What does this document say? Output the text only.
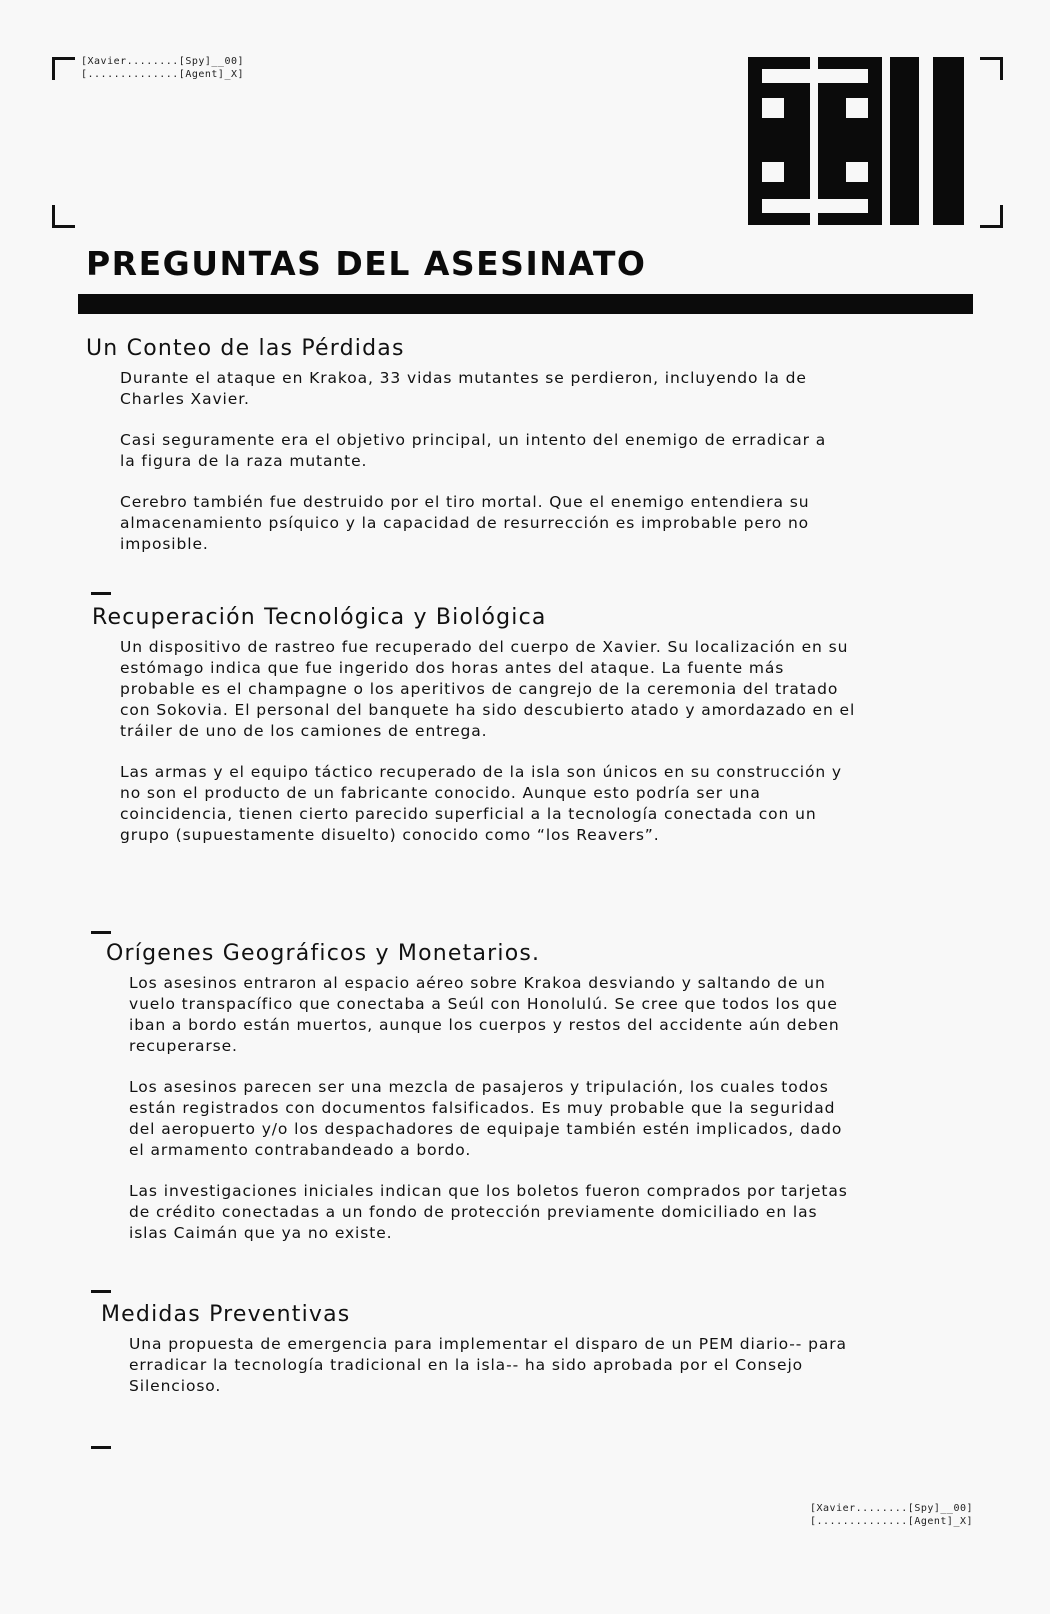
[Xavier........[Spy]__00]
[..............[Agent]_X]
PREGUNTAS DEL ASESINATO
Un Conteo de las Pérdidas

Durante el ataque en Krakoa, 33 vidas mutantes se perdieron, incluyendo la de Charles Xavier.

Casi seguramente era el objetivo principal, un intento del enemigo de erradicar a la figura de la raza mutante.

Cerebro también fue destruido por el tiro mortal. Que el enemigo entendiera su almacenamiento psíquico y la capacidad de resurrección es improbable pero no imposible.

Recuperación Tecnológica y Biológica

Un dispositivo de rastreo fue recuperado del cuerpo de Xavier. Su localización en su estómago indica que fue ingerido dos horas antes del ataque. La fuente más probable es el champagne o los aperitivos de cangrejo de la ceremonia del tratado con Sokovia. El personal del banquete ha sido descubierto atado y amordazado en el tráiler de uno de los camiones de entrega.

Las armas y el equipo táctico recuperado de la isla son únicos en su construcción y no son el producto de un fabricante conocido. Aunque esto podría ser una coincidencia, tienen cierto parecido superficial a la tecnología conectada con un grupo (supuestamente disuelto) conocido como “los Reavers”.

Orígenes Geográficos y Monetarios.

Los asesinos entraron al espacio aéreo sobre Krakoa desviando y saltando de un vuelo transpacífico que conectaba a Seúl con Honolulú. Se cree que todos los que iban a bordo están muertos, aunque los cuerpos y restos del accidente aún deben recuperarse.

Los asesinos parecen ser una mezcla de pasajeros y tripulación, los cuales todos están registrados con documentos falsificados. Es muy probable que la seguridad del aeropuerto y/o los despachadores de equipaje también estén implicados, dado el armamento contrabandeado a bordo.

Las investigaciones iniciales indican que los boletos fueron comprados por tarjetas de crédito conectadas a un fondo de protección previamente domiciliado en las islas Caimán que ya no existe.

Medidas Preventivas

Una propuesta de emergencia para implementar el disparo de un PEM diario-- para erradicar la tecnología tradicional en la isla-- ha sido aprobada por el Consejo Silencioso.

[Xavier........[Spy]__00]
[..............[Agent]_X]
